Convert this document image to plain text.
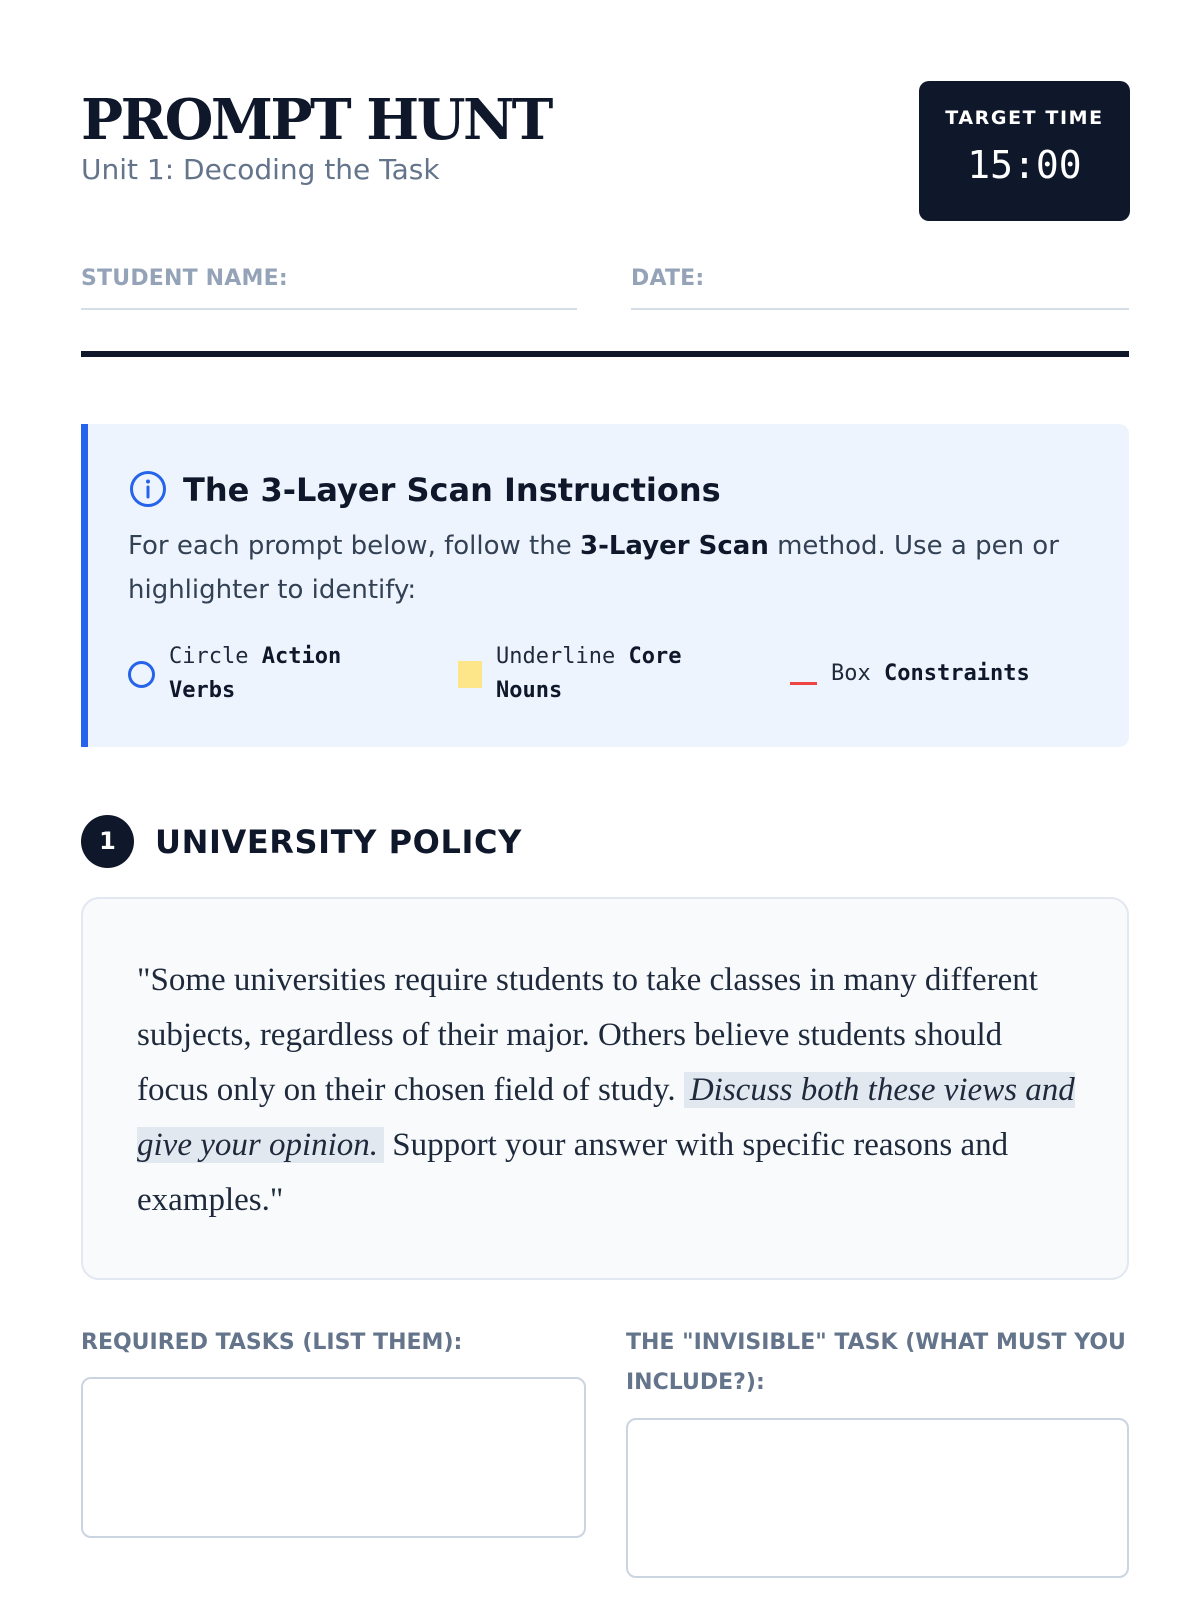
PROMPT HUNT
Unit 1: Decoding the Task
TARGET TIME
15:00
STUDENT NAME:	DATE:
The 3-Layer Scan Instructions

For each prompt below, follow the 3-Layer Scan method. Use a pen or highlighter to identify:

Circle Action Verbs
Underline Core Nouns
Box Constraints
1	UNIVERSITY POLICY

"Some universities require students to take classes in many different subjects, regardless of their major. Others believe students should focus only on their chosen field of study. Discuss both these views and give your opinion. Support your answer with specific reasons and examples."

REQUIRED TASKS (LIST THEM):	THE "INVISIBLE" TASK (WHAT MUST YOU INCLUDE?):
